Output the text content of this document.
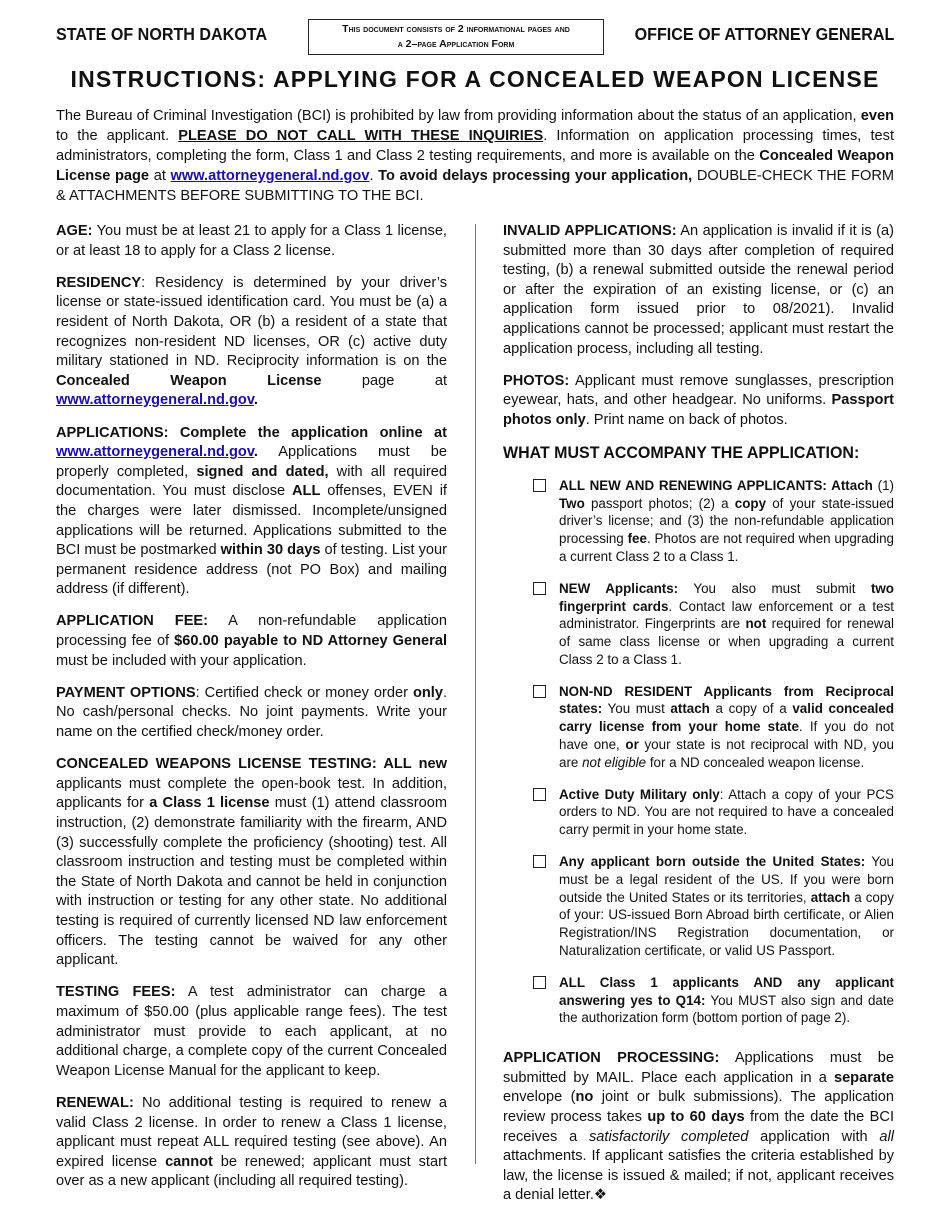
STATE OF NORTH DAKOTA	This document consists of 2 informational pages and
a 2–page Application Form	OFFICE OF ATTORNEY GENERAL
INSTRUCTIONS: APPLYING FOR A CONCEALED WEAPON LICENSE
The Bureau of Criminal Investigation (BCI) is prohibited by law from providing information about the status of an application, even to the applicant. PLEASE DO NOT CALL WITH THESE INQUIRIES. Information on application processing times, test administrators, completing the form, Class 1 and Class 2 testing requirements, and more is available on the Concealed Weapon License page at www.attorneygeneral.nd.gov. To avoid delays processing your application, DOUBLE-CHECK THE FORM & ATTACHMENTS BEFORE SUBMITTING TO THE BCI.

AGE: You must be at least 21 to apply for a Class 1 license, or at least 18 to apply for a Class 2 license.

RESIDENCY: Residency is determined by your driver’s license or state-issued identification card. You must be (a) a resident of North Dakota, OR (b) a resident of a state that recognizes non-resident ND licenses, OR (c) active duty military stationed in ND. Reciprocity information is on the Concealed Weapon License page at www.attorneygeneral.nd.gov.

APPLICATIONS: Complete the application online at www.attorneygeneral.nd.gov. Applications must be properly completed, signed and dated, with all required documentation. You must disclose ALL offenses, EVEN if the charges were later dismissed. Incomplete/unsigned applications will be returned. Applications submitted to the BCI must be postmarked within 30 days of testing. List your permanent residence address (not PO Box) and mailing address (if different).

APPLICATION FEE: A non-refundable application processing fee of $60.00 payable to ND Attorney General must be included with your application.

PAYMENT OPTIONS: Certified check or money order only. No cash/personal checks. No joint payments. Write your name on the certified check/money order.

CONCEALED WEAPONS LICENSE TESTING: ALL new applicants must complete the open-book test. In addition, applicants for a Class 1 license must (1) attend classroom instruction, (2) demonstrate familiarity with the firearm, AND (3) successfully complete the proficiency (shooting) test. All classroom instruction and testing must be completed within the State of North Dakota and cannot be held in conjunction with instruction or testing for any other state. No additional testing is required of currently licensed ND law enforcement officers. The testing cannot be waived for any other applicant.

TESTING FEES: A test administrator can charge a maximum of $50.00 (plus applicable range fees). The test administrator must provide to each applicant, at no additional charge, a complete copy of the current Concealed Weapon License Manual for the applicant to keep.

RENEWAL: No additional testing is required to renew a valid Class 2 license. In order to renew a Class 1 license, applicant must repeat ALL required testing (see above). An expired license cannot be renewed; applicant must start over as a new applicant (including all required testing).

INVALID APPLICATIONS: An application is invalid if it is (a) submitted more than 30 days after completion of required testing, (b) a renewal submitted outside the renewal period or after the expiration of an existing license, or (c) an application form issued prior to 08/2021). Invalid applications cannot be processed; applicant must restart the application process, including all testing.

PHOTOS: Applicant must remove sunglasses, prescription eyewear, hats, and other headgear. No uniforms. Passport photos only. Print name on back of photos.

WHAT MUST ACCOMPANY THE APPLICATION:
ALL NEW AND RENEWING APPLICANTS: Attach (1) Two passport photos; (2) a copy of your state-issued driver’s license; and (3) the non-refundable application processing fee. Photos are not required when upgrading a current Class 2 to a Class 1.
NEW Applicants: You also must submit two fingerprint cards. Contact law enforcement or a test administrator. Fingerprints are not required for renewal of same class license or when upgrading a current Class 2 to a Class 1.
NON-ND RESIDENT Applicants from Reciprocal states: You must attach a copy of a valid concealed carry license from your home state. If you do not have one, or your state is not reciprocal with ND, you are not eligible for a ND concealed weapon license.
Active Duty Military only: Attach a copy of your PCS orders to ND. You are not required to have a concealed carry permit in your home state.
Any applicant born outside the United States: You must be a legal resident of the US. If you were born outside the United States or its territories, attach a copy of your: US-issued Born Abroad birth certificate, or Alien Registration/INS Registration documentation, or Naturalization certificate, or valid US Passport.
ALL Class 1 applicants AND any applicant answering yes to Q14: You MUST also sign and date the authorization form (bottom portion of page 2).

APPLICATION PROCESSING: Applications must be submitted by MAIL. Place each application in a separate envelope (no joint or bulk submissions). The application review process takes up to 60 days from the date the BCI receives a satisfactorily completed application with all attachments. If applicant satisfies the criteria established by law, the license is issued & mailed; if not, applicant receives a denial letter.❖
